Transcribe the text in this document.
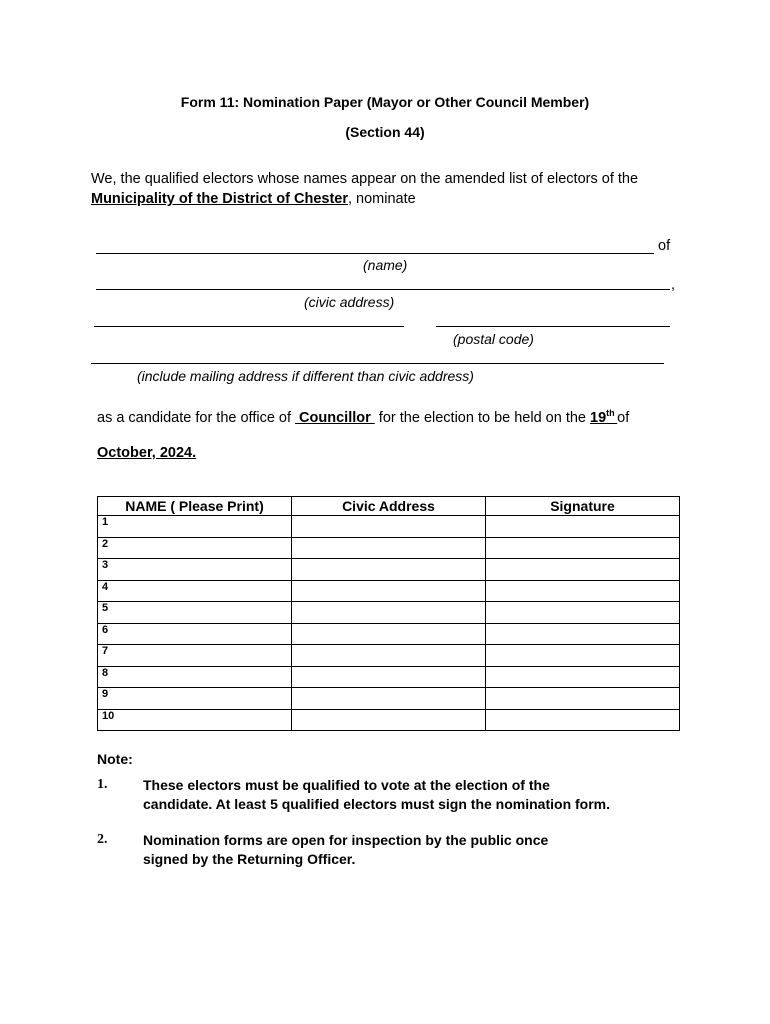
Form 11: Nomination Paper (Mayor or Other Council Member)
(Section 44)
We, the qualified electors whose names appear on the amended list of electors of the
Municipality of the District of Chester, nominate
of
(name)
,
(civic address)
(postal code)
(include mailing address if different than civic address)
as a candidate for the office of  Councillor  for the election to be held on the 19th of
October, 2024.
NAME ( Please Print)	Civic Address	Signature
1		
2		
3		
4		
5		
6		
7		
8		
9		
10		
Note:
1.	These electors must be qualified to vote at the election of the
candidate. At least 5 qualified electors must sign the nomination form.
2.	Nomination forms are open for inspection by the public once
signed by the Returning Officer.
